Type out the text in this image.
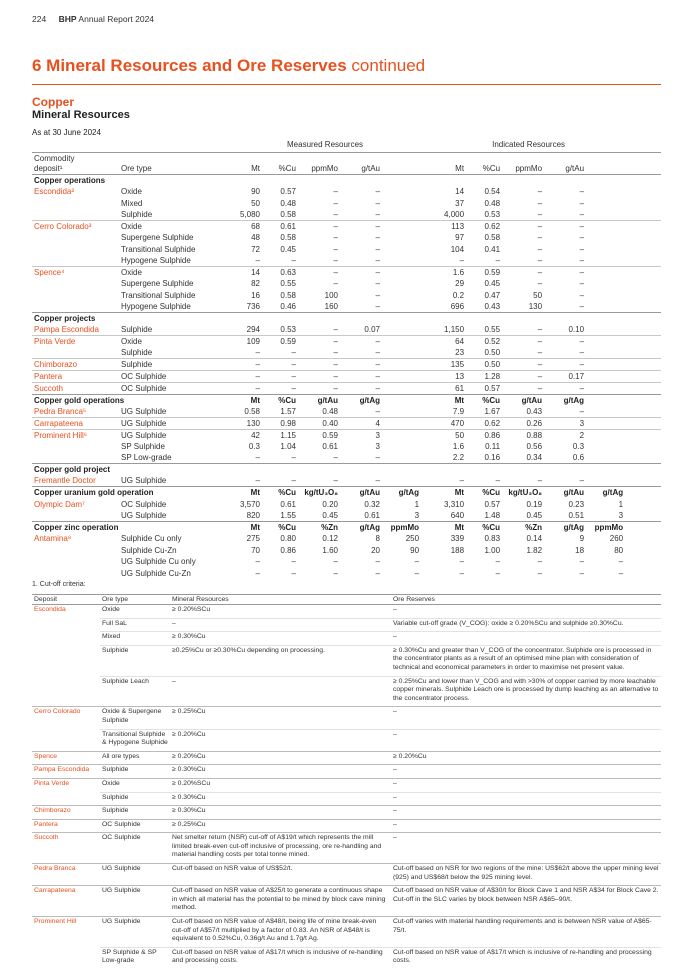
224 BHP Annual Report 2024
6 Mineral Resources and Ore Reserves continued
Copper
Mineral Resources
As at 30 June 2024
		Measured Resources						Indicated Resources					
Commodity
deposit¹	Ore type	Mt	%Cu	ppmMo	g/tAu			Mt	%Cu	ppmMo	g/tAu		
Copper operations													
Escondida²	Oxide	90	0.57	–	–			14	0.54	–	–		
	Mixed	50	0.48	–	–			37	0.48	–	–		
	Sulphide	5,080	0.58	–	–			4,000	0.53	–	–		
Cerro Colorado³	Oxide	68	0.61	–	–			113	0.62	–	–		
	Supergene Sulphide	48	0.58	–	–			97	0.58	–	–		
	Transitional Sulphide	72	0.45	–	–			104	0.41	–	–		
	Hypogene Sulphide	–	–	–	–			–	–	–	–		
Spence⁴	Oxide	14	0.63	–	–			1.6	0.59	–	–		
	Supergene Sulphide	82	0.55	–	–			29	0.45	–	–		
	Transitional Sulphide	16	0.58	100	–			0.2	0.47	50	–		
	Hypogene Sulphide	736	0.46	160	–			696	0.43	130	–		
Copper projects													
Pampa Escondida	Sulphide	294	0.53	–	0.07			1,150	0.55	–	0.10		
Pinta Verde	Oxide	109	0.59	–	–			64	0.52	–	–		
	Sulphide	–	–	–	–			23	0.50	–	–		
Chimborazo	Sulphide	–	–	–	–			135	0.50	–	–		
Pantera	OC Sulphide	–	–	–	–			13	1.28	–	0.17		
Succoth	OC Sulphide	–	–	–	–			61	0.57	–	–		
Copper gold operations		Mt	%Cu	g/tAu	g/tAg			Mt	%Cu	g/tAu	g/tAg		
Pedra Branca⁵	UG Sulphide	0.58	1.57	0.48	–			7.9	1.67	0.43	–		
Carrapateena	UG Sulphide	130	0.98	0.40	4			470	0.62	0.26	3		
Prominent Hill⁶	UG Sulphide	42	1.15	0.59	3			50	0.86	0.88	2		
	SP Sulphide	0.3	1.04	0.61	3			1.6	0.11	0.56	0.3		
	SP Low-grade	–	–	–	–			2.2	0.16	0.34	0.6		
Copper gold project													
Fremantle Doctor	UG Sulphide	–	–	–	–			–	–	–	–		
Copper uranium gold operation		Mt	%Cu	kg/tU₃O₈	g/tAu	g/tAg		Mt	%Cu	kg/tU₃O₈	g/tAu	g/tAg	
Olympic Dam⁷	OC Sulphide	3,570	0.61	0.20	0.32	1		3,310	0.57	0.19	0.23	1	
	UG Sulphide	820	1.55	0.45	0.61	3		640	1.48	0.45	0.51	3	
Copper zinc operation		Mt	%Cu	%Zn	g/tAg	ppmMo		Mt	%Cu	%Zn	g/tAg	ppmMo	
Antamina⁸	Sulphide Cu only	275	0.80	0.12	8	250		339	0.83	0.14	9	260	
	Sulphide Cu-Zn	70	0.86	1.60	20	90		188	1.00	1.82	18	80	
	UG Sulphide Cu only	–	–	–	–	–		–	–	–	–	–	
	UG Sulphide Cu-Zn	–	–	–	–	–		–	–	–	–	–	
1. Cut-off criteria:
Deposit	Ore type	Mineral Resources	Ore Reserves
Escondida	Oxide	≥ 0.20%SCu	–
	Full SaL	–	Variable cut-off grade (V_COG): oxide ≥ 0.20%SCu and sulphide ≥0.30%Cu.
	Mixed	≥ 0.30%Cu	–
	Sulphide	≥0.25%Cu or ≥0.30%Cu depending on processing.	≥ 0.30%Cu and greater than V_COG of the concentrator. Sulphide ore is processed in the concentrator plants as a result of an optimised mine plan with consideration of technical and economical parameters in order to maximise net present value.
	Sulphide Leach	–	≥ 0.25%Cu and lower than V_COG and with >30% of copper carried by more leachable copper minerals. Sulphide Leach ore is processed by dump leaching as an alternative to the concentrator process.
Cerro Colorado	Oxide & Supergene Sulphide	≥ 0.25%Cu	–
	Transitional Sulphide & Hypogene Sulphide	≥ 0.20%Cu	–
Spence	All ore types	≥ 0.20%Cu	≥ 0.20%Cu
Pampa Escondida	Sulphide	≥ 0.30%Cu	–
Pinta Verde	Oxide	≥ 0.20%SCu	–
	Sulphide	≥ 0.30%Cu	–
Chimborazo	Sulphide	≥ 0.30%Cu	–
Pantera	OC Sulphide	≥ 0.25%Cu	–
Succoth	OC Sulphide	Net smelter return (NSR) cut-off of A$19/t which represents the mill limited break-even cut-off inclusive of processing, ore re-handling and material handling costs per total tonne mined.	–
Pedra Branca	UG Sulphide	Cut-off based on NSR value of US$52/t.	Cut-off based on NSR for two regions of the mine: US$62/t above the upper mining level (925) and US$68/t below the 925 mining level.
Carrapateena	UG Sulphide	Cut-off based on NSR value of A$25/t to generate a continuous shape in which all material has the potential to be mined by block cave mining method.	Cut-off based on NSR value of A$30/t for Block Cave 1 and NSR A$34 for Block Cave 2. Cut-off in the SLC varies by block between NSR A$65–90/t.
Prominent Hill	UG Sulphide	Cut-off based on NSR value of A$48/t, being life of mine break-even cut-off of A$57/t multiplied by a factor of 0.83. An NSR of A$48/t is equivalent to 0.52%Cu, 0.36g/t Au and 1.7g/t Ag.	Cut-off varies with material handling requirements and is between NSR value of A$65-75/t.
	SP Sulphide & SP Low-grade	Cut-off based on NSR value of A$17/t which is inclusive of re-handling and processing costs.	Cut-off based on NSR value of A$17/t which is inclusive of re-handling and processing costs.
